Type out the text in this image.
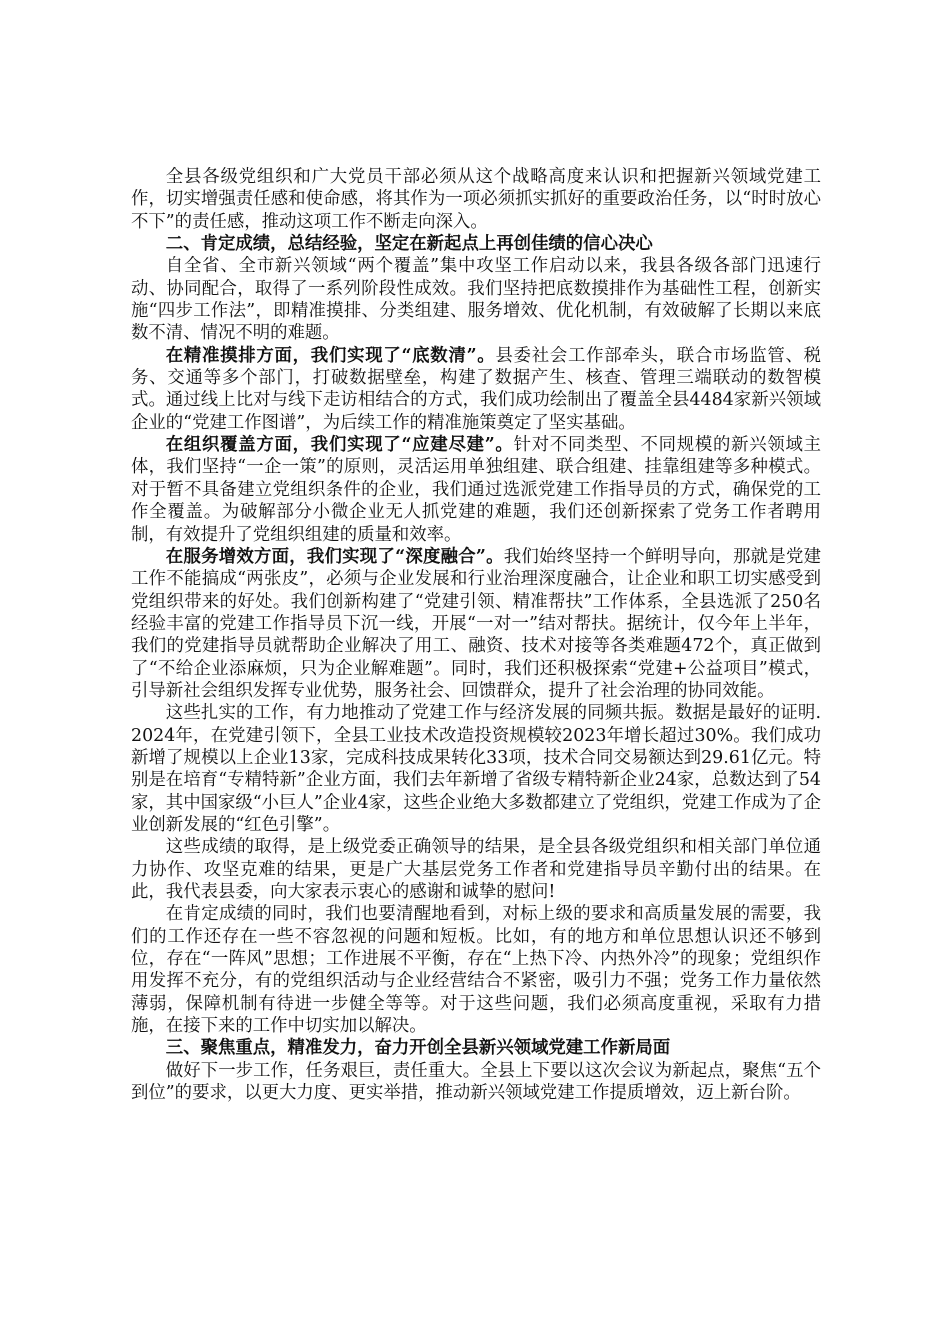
全县各级党组织和广大党员干部必须从这个战略高度来认识和把握新兴领域党建工作，切实增强责任感和使命感，将其作为一项必须抓实抓好的重要政治任务，以“时时放心不下”的责任感，推动这项工作不断走向深入。

二、肯定成绩，总结经验，坚定在新起点上再创佳绩的信心决心

自全省、全市新兴领域“两个覆盖”集中攻坚工作启动以来，我县各级各部门迅速行动、协同配合，取得了一系列阶段性成效。我们坚持把底数摸排作为基础性工程，创新实施“四步工作法”，即精准摸排、分类组建、服务增效、优化机制，有效破解了长期以来底数不清、情况不明的难题。

在精准摸排方面，我们实现了“底数清”。县委社会工作部牵头，联合市场监管、税务、交通等多个部门，打破数据壁垒，构建了数据产生、核查、管理三端联动的数智模式。通过线上比对与线下走访相结合的方式，我们成功绘制出了覆盖全县4484家新兴领域企业的“党建工作图谱”，为后续工作的精准施策奠定了坚实基础。

在组织覆盖方面，我们实现了“应建尽建”。针对不同类型、不同规模的新兴领域主体，我们坚持“一企一策”的原则，灵活运用单独组建、联合组建、挂靠组建等多种模式。对于暂不具备建立党组织条件的企业，我们通过选派党建工作指导员的方式，确保党的工作全覆盖。为破解部分小微企业无人抓党建的难题，我们还创新探索了党务工作者聘用制，有效提升了党组织组建的质量和效率。

在服务增效方面，我们实现了“深度融合”。我们始终坚持一个鲜明导向，那就是党建工作不能搞成“两张皮”，必须与企业发展和行业治理深度融合，让企业和职工切实感受到党组织带来的好处。我们创新构建了“党建引领、精准帮扶”工作体系，全县选派了250名经验丰富的党建工作指导员下沉一线，开展“一对一”结对帮扶。据统计，仅今年上半年，我们的党建指导员就帮助企业解决了用工、融资、技术对接等各类难题472个，真正做到了“不给企业添麻烦，只为企业解难题”。同时，我们还积极探索“党建+公益项目”模式，引导新社会组织发挥专业优势，服务社会、回馈群众，提升了社会治理的协同效能。

这些扎实的工作，有力地推动了党建工作与经济发展的同频共振。数据是最好的证明.2024年，在党建引领下，全县工业技术改造投资规模较2023年增长超过30%。我们成功新增了规模以上企业13家，完成科技成果转化33项，技术合同交易额达到29.61亿元。特别是在培育“专精特新”企业方面，我们去年新增了省级专精特新企业24家，总数达到了54家，其中国家级“小巨人”企业4家，这些企业绝大多数都建立了党组织，党建工作成为了企业创新发展的“红色引擎”。

这些成绩的取得，是上级党委正确领导的结果，是全县各级党组织和相关部门单位通力协作、攻坚克难的结果，更是广大基层党务工作者和党建指导员辛勤付出的结果。在此，我代表县委，向大家表示衷心的感谢和诚挚的慰问!

在肯定成绩的同时，我们也要清醒地看到，对标上级的要求和高质量发展的需要，我们的工作还存在一些不容忽视的问题和短板。比如，有的地方和单位思想认识还不够到位，存在“一阵风”思想；工作进展不平衡，存在“上热下冷、内热外冷”的现象；党组织作用发挥不充分，有的党组织活动与企业经营结合不紧密，吸引力不强；党务工作力量依然薄弱，保障机制有待进一步健全等等。对于这些问题，我们必须高度重视，采取有力措施，在接下来的工作中切实加以解决。

三、聚焦重点，精准发力，奋力开创全县新兴领域党建工作新局面

做好下一步工作，任务艰巨，责任重大。全县上下要以这次会议为新起点，聚焦“五个到位”的要求，以更大力度、更实举措，推动新兴领域党建工作提质增效，迈上新台阶。
